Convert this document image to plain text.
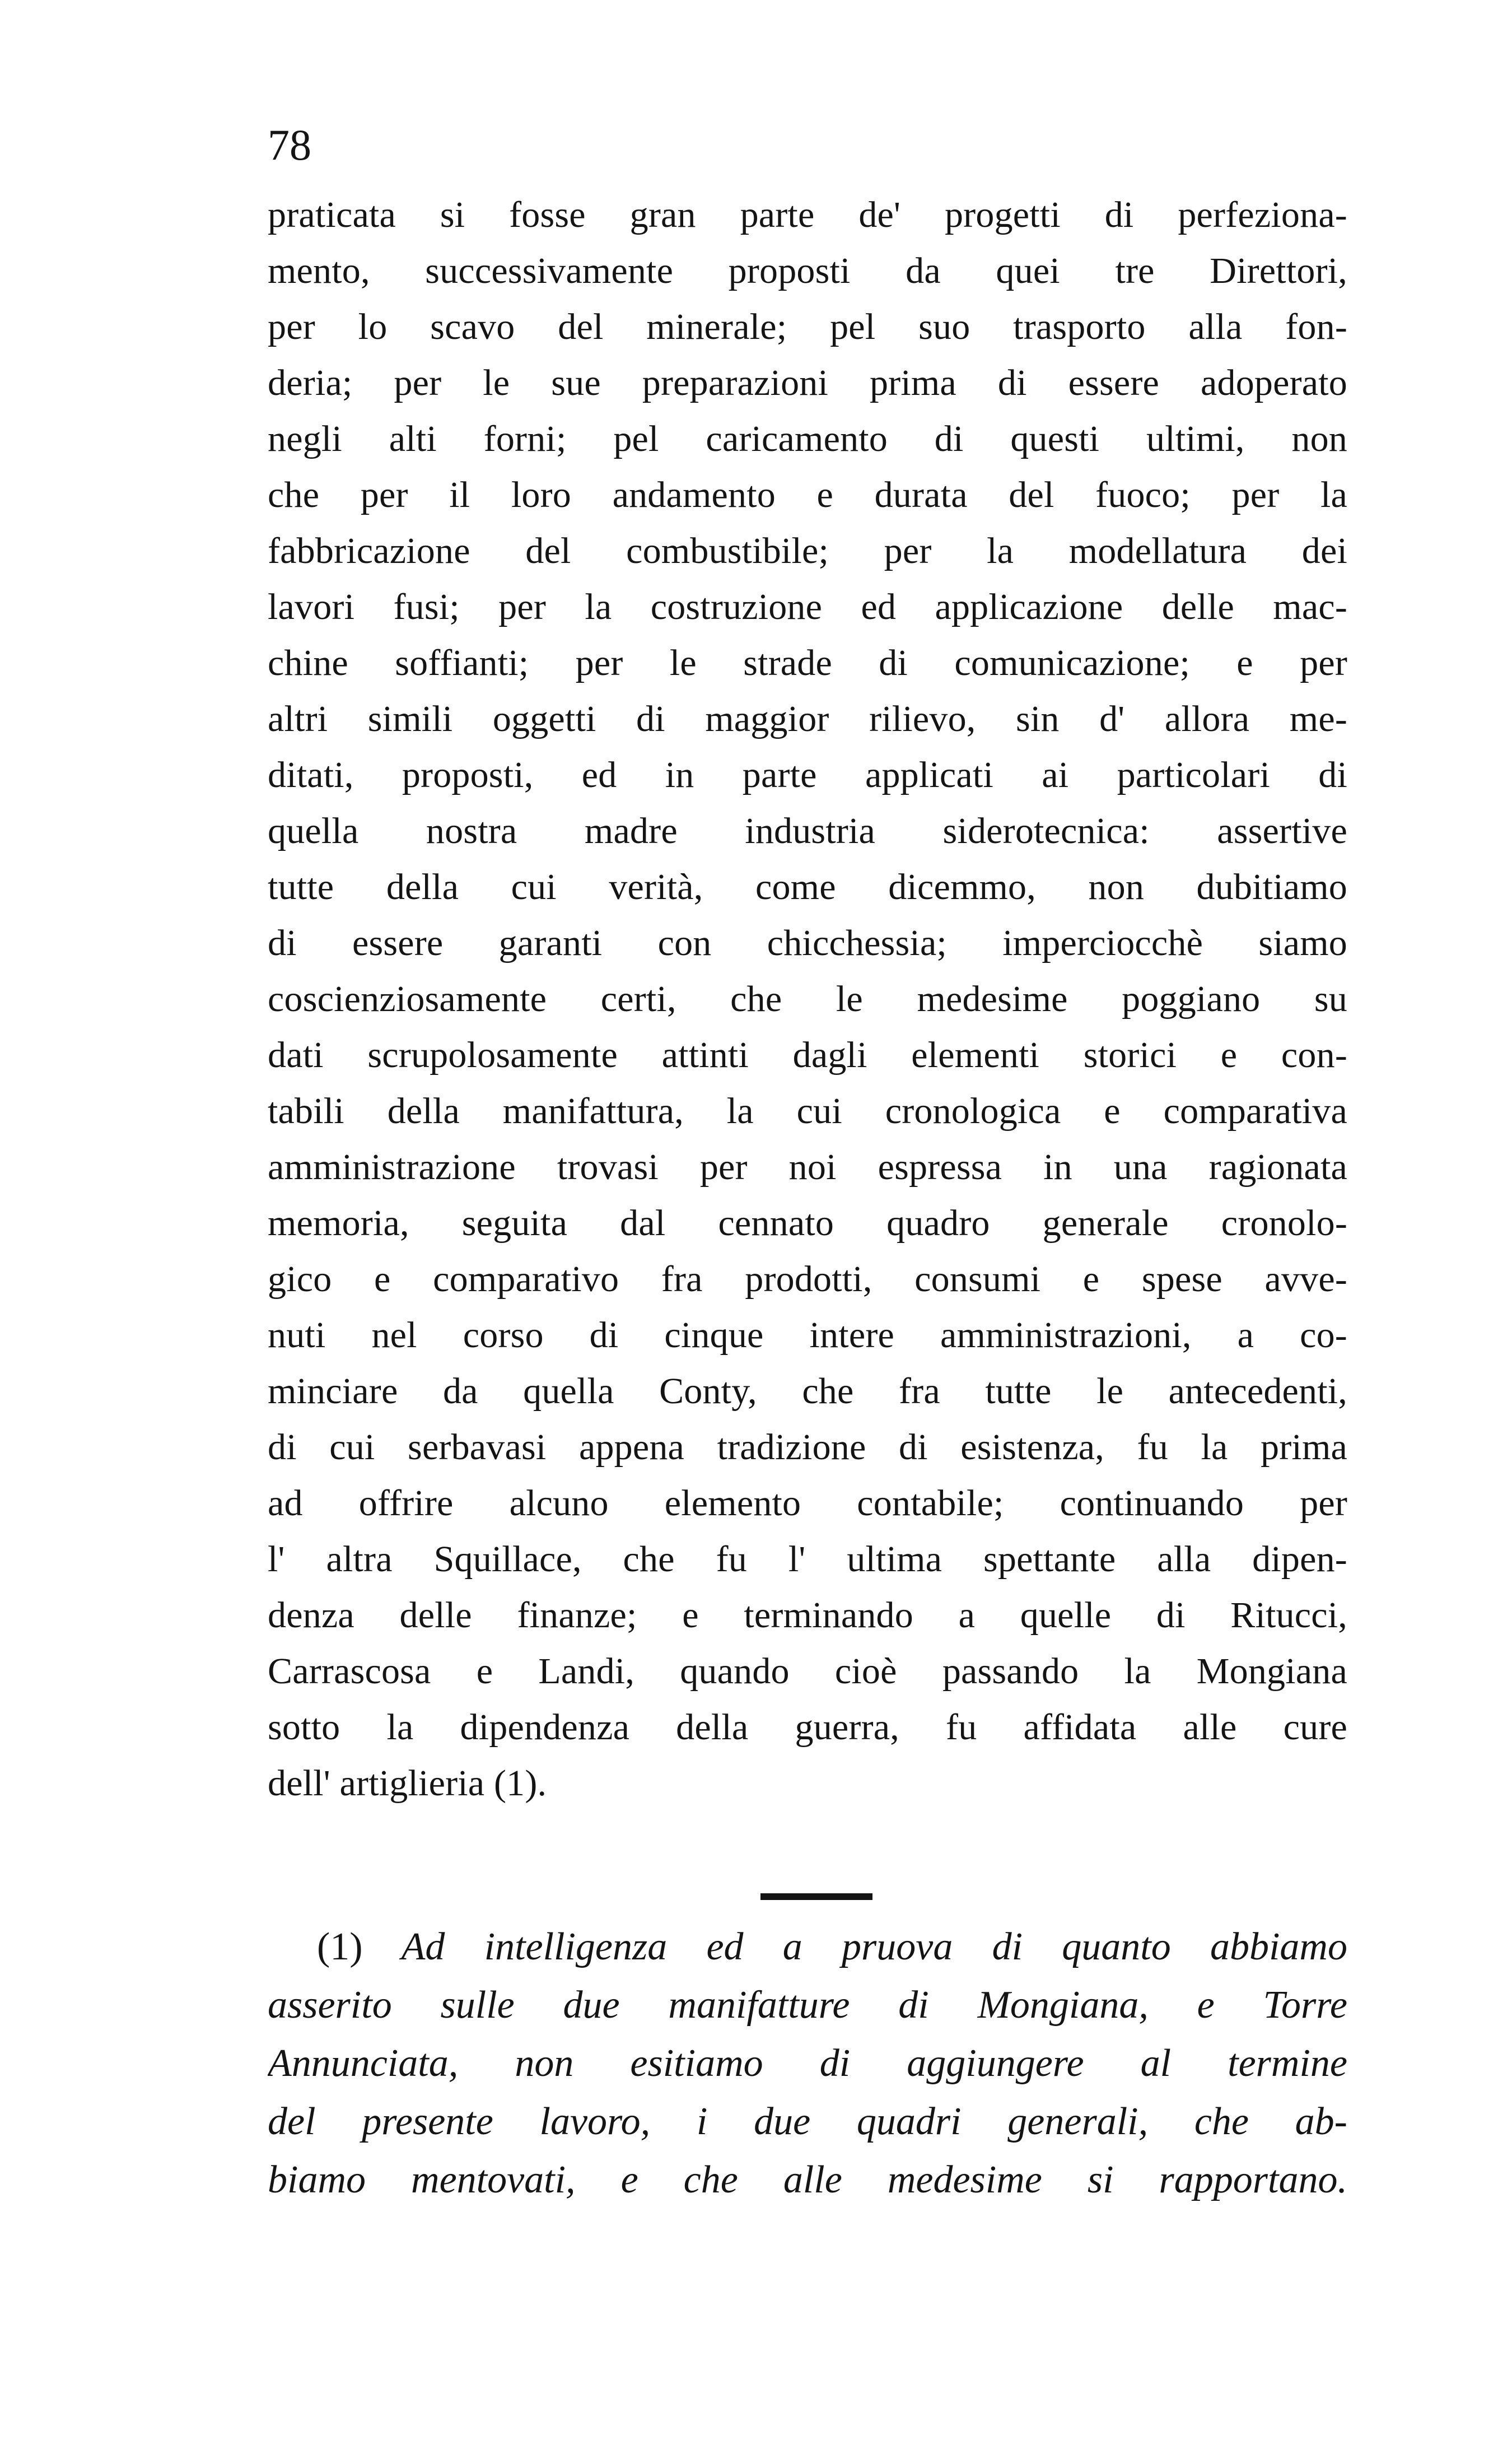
78
praticata si fosse gran parte de' progetti di perfeziona-
mento, successivamente proposti da quei tre Direttori,
per lo scavo del minerale; pel suo trasporto alla fon-
deria; per le sue preparazioni prima di essere adoperato
negli alti forni; pel caricamento di questi ultimi, non
che per il loro andamento e durata del fuoco; per la
fabbricazione del combustibile; per la modellatura dei
lavori fusi; per la costruzione ed applicazione delle mac-
chine soffianti; per le strade di comunicazione; e per
altri simili oggetti di maggior rilievo, sin d' allora me-
ditati, proposti, ed in parte applicati ai particolari di
quella nostra madre industria siderotecnica: assertive
tutte della cui verità, come dicemmo, non dubitiamo
di essere garanti con chicchessia; imperciocchè siamo
coscienziosamente certi, che le medesime poggiano su
dati scrupolosamente attinti dagli elementi storici e con-
tabili della manifattura, la cui cronologica e comparativa
amministrazione trovasi per noi espressa in una ragionata
memoria, seguita dal cennato quadro generale cronolo-
gico e comparativo fra prodotti, consumi e spese avve-
nuti nel corso di cinque intere amministrazioni, a co-
minciare da quella Conty, che fra tutte le antecedenti,
di cui serbavasi appena tradizione di esistenza, fu la prima
ad offrire alcuno elemento contabile; continuando per
l' altra Squillace, che fu l' ultima spettante alla dipen-
denza delle finanze; e terminando a quelle di Ritucci,
Carrascosa e Landi, quando cioè passando la Mongiana
sotto la dipendenza della guerra, fu affidata alle cure
dell' artiglieria (1).
(1) Ad intelligenza ed a pruova di quanto abbiamo
asserito sulle due manifatture di Mongiana, e Torre
Annunciata, non esitiamo di aggiungere al termine
del presente lavoro, i due quadri generali, che ab-
biamo mentovati, e che alle medesime si rapportano.
